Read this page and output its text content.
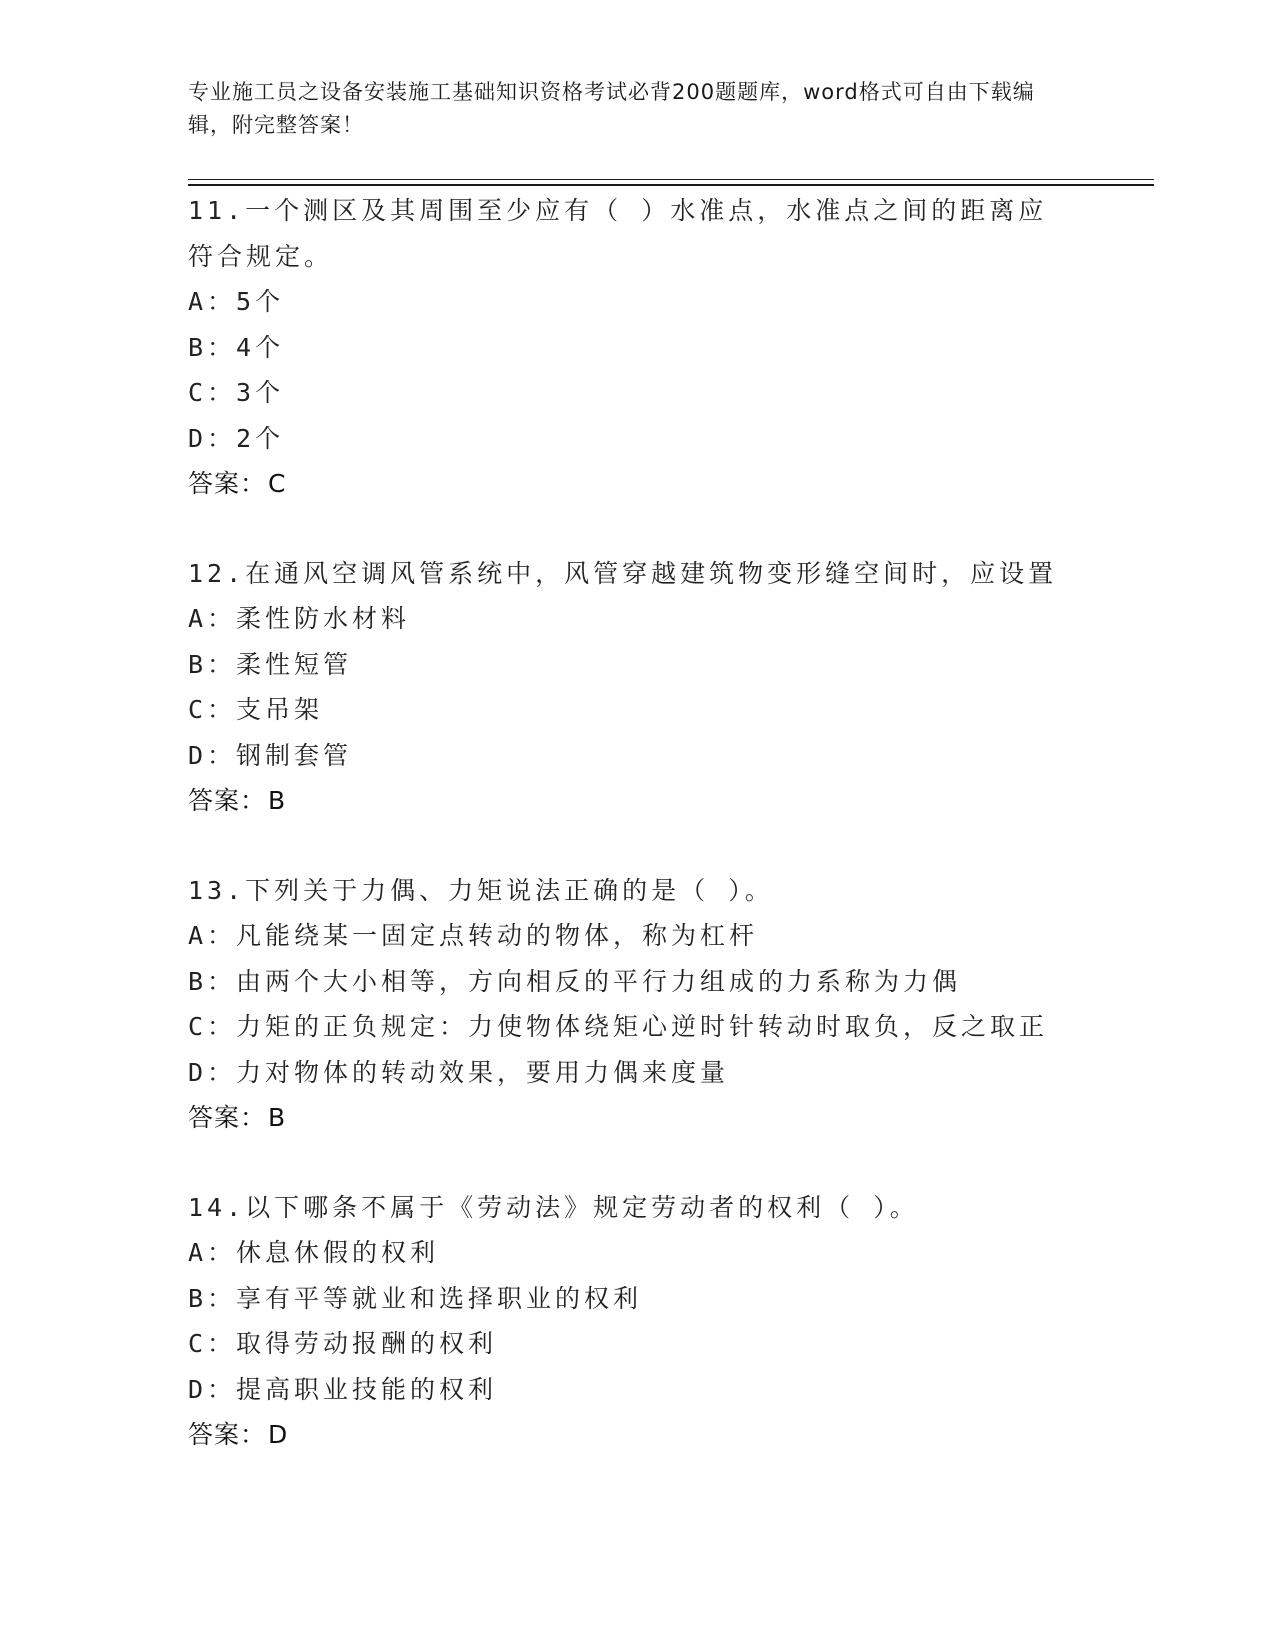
专业施工员之设备安装施工基础知识资格考试必背200题题库，word格式可自由下载编辑，附完整答案！

11.一个测区及其周围至少应有（ ）水准点，水准点之间的距离应符合规定。

A：5个

B：4个

C：3个

D：2个

答案：C

12.在通风空调风管系统中，风管穿越建筑物变形缝空间时，应设置

A：柔性防水材料

B：柔性短管

C：支吊架

D：钢制套管

答案：B

13.下列关于力偶、力矩说法正确的是（ ）。

A：凡能绕某一固定点转动的物体，称为杠杆

B：由两个大小相等，方向相反的平行力组成的力系称为力偶

C：力矩的正负规定：力使物体绕矩心逆时针转动时取负，反之取正

D：力对物体的转动效果，要用力偶来度量

答案：B

14.以下哪条不属于《劳动法》规定劳动者的权利（ ）。

A：休息休假的权利

B：享有平等就业和选择职业的权利

C：取得劳动报酬的权利

D：提高职业技能的权利

答案：D
